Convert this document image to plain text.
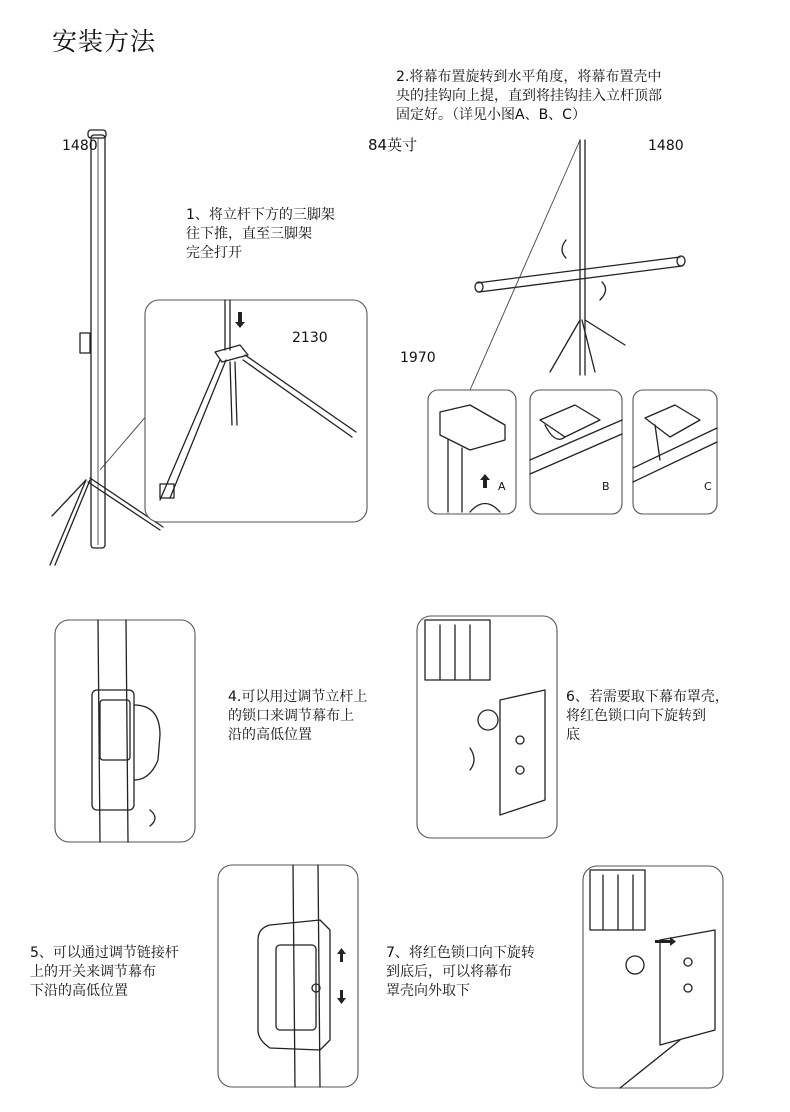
安装方法
1480	84英寸	1480
2130
1970
1、将立杆下方的三脚架
往下推，直至三脚架
完全打开
2.将幕布置旋转到水平角度，将幕布置壳中
央的挂钩向上提，直到将挂钩挂入立杆顶部
固定好。（详见小图A、B、C）
4.可以用过调节立杆上
的锁口来调节幕布上
沿的高低位置
6、若需要取下幕布罩壳，
将红色锁口向下旋转到
底
5、可以通过调节链接杆
上的开关来调节幕布
下沿的高低位置
7、将红色锁口向下旋转
到底后，可以将幕布
罩壳向外取下
A	B	C
